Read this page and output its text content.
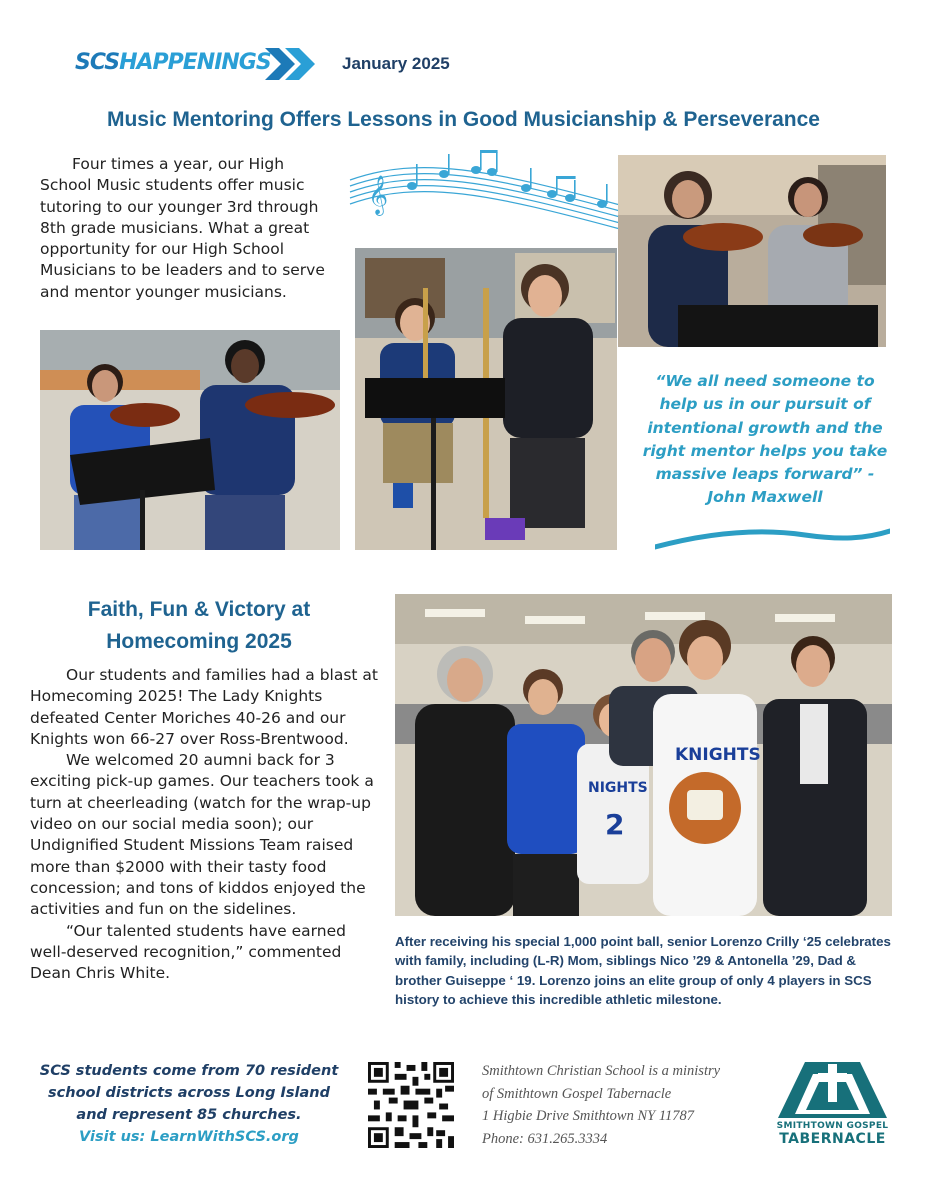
SCSHAPPENINGS	January 2025
Music Mentoring Offers Lessons in Good Musicianship & Perseverance
Four times a year, our High School Music students offer music tutoring to our younger 3rd through 8th grade musicians. What a great opportunity for our High School Musicians to be leaders and to serve and mentor younger musicians.
𝄞
“We all need someone to help us in our pursuit of intentional growth and the right mentor helps you take massive leaps forward” - John Maxwell
Faith, Fun & Victory at
Homecoming 2025

Our students and families had a blast at Homecoming 2025! The Lady Knights defeated Center Moriches 40-26 and our Knights won 66-27 over Ross-Brentwood.

We welcomed 20 aumni back for 3 exciting pick-up games. Our teachers took a turn at cheerleading (watch for the wrap-up video on our social media soon); our Undignified Student Missions Team raised more than $2000 with their tasty food concession; and tons of kiddos enjoyed the activities and fun on the sidelines.

“Our talented students have earned well-deserved recognition,” commented Dean Chris White.

NIGHTS
2
KNIGHTS
After receiving his special 1,000 point ball, senior Lorenzo Crilly ‘25 celebrates with family, including (L-R) Mom, siblings Nico ’29 & Antonella ’29, Dad & brother Guiseppe ‘ 19. Lorenzo joins an elite group of only 4 players in SCS history to achieve this incredible athletic milestone.
SCS students come from 70 resident
school districts across Long Island
and represent 85 churches.
Visit us: LearnWithSCS.org
Smithtown Christian School is a ministry
of Smithtown Gospel Tabernacle
1 Higbie Drive Smithtown NY 11787
Phone: 631.265.3334
SMITHTOWN GOSPEL
TABERNACLE
